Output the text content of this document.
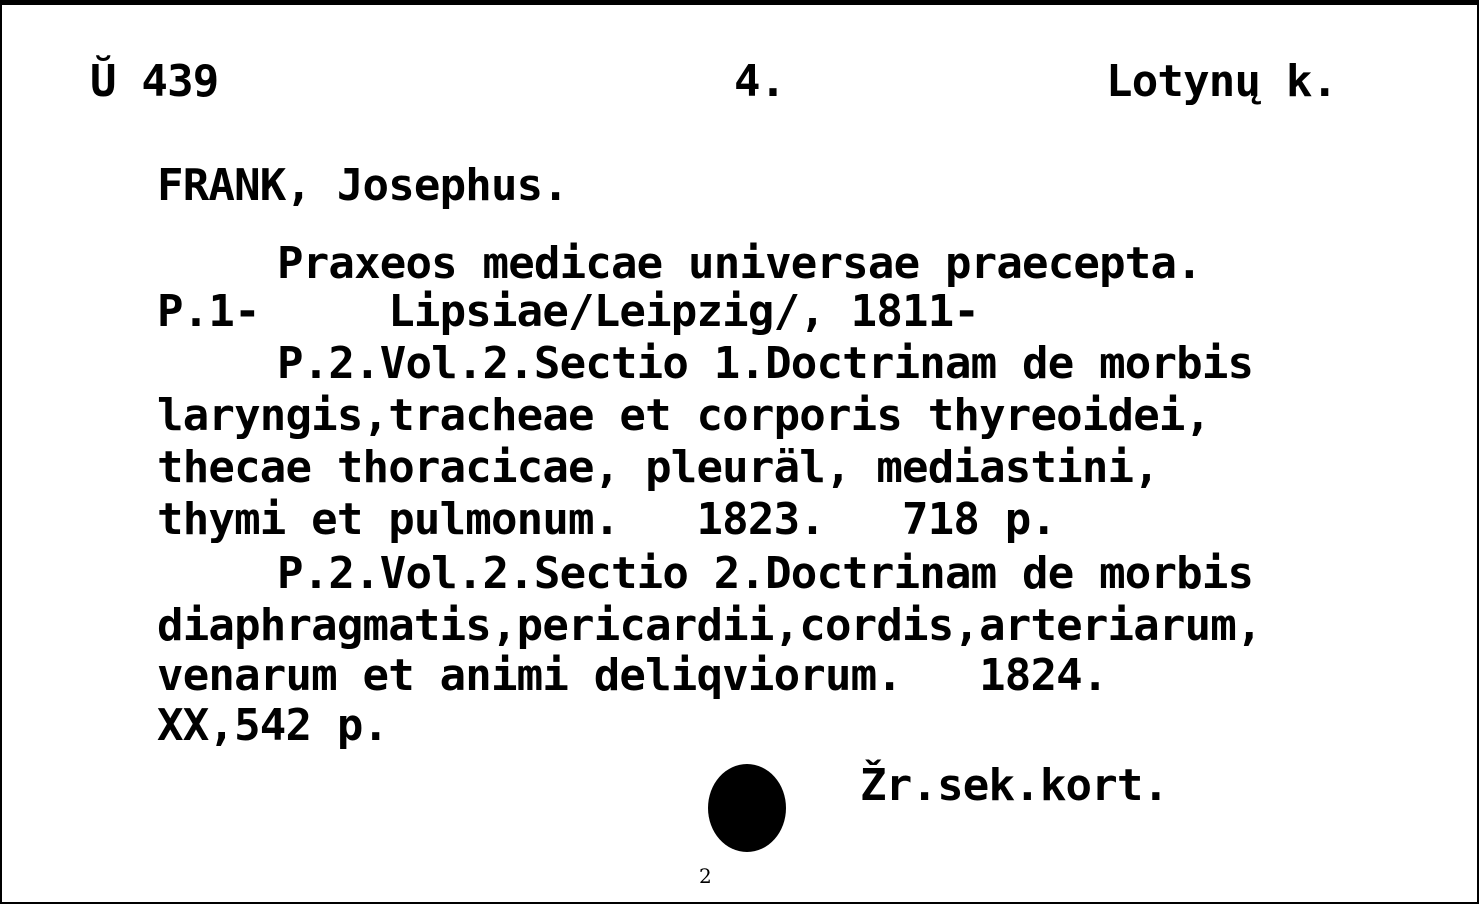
Ŭ 439	4.	Lotynų k.
FRANK, Josephus.
Praxeos medicae universae praecepta.
P.1-     Lipsiae/Leipzig/, 1811-
P.2.Vol.2.Sectio 1.Doctrinam de morbis
laryngis,tracheae et corporis thyreoidei,
thecae thoracicae, pleuräl, mediastini,
thymi et pulmonum.   1823.   718 p.
P.2.Vol.2.Sectio 2.Doctrinam de morbis
diaphragmatis,pericardii,cordis,arteriarum,
venarum et animi deliqviorum.   1824.
XX,542 p.
Žr.sek.kort.
2
